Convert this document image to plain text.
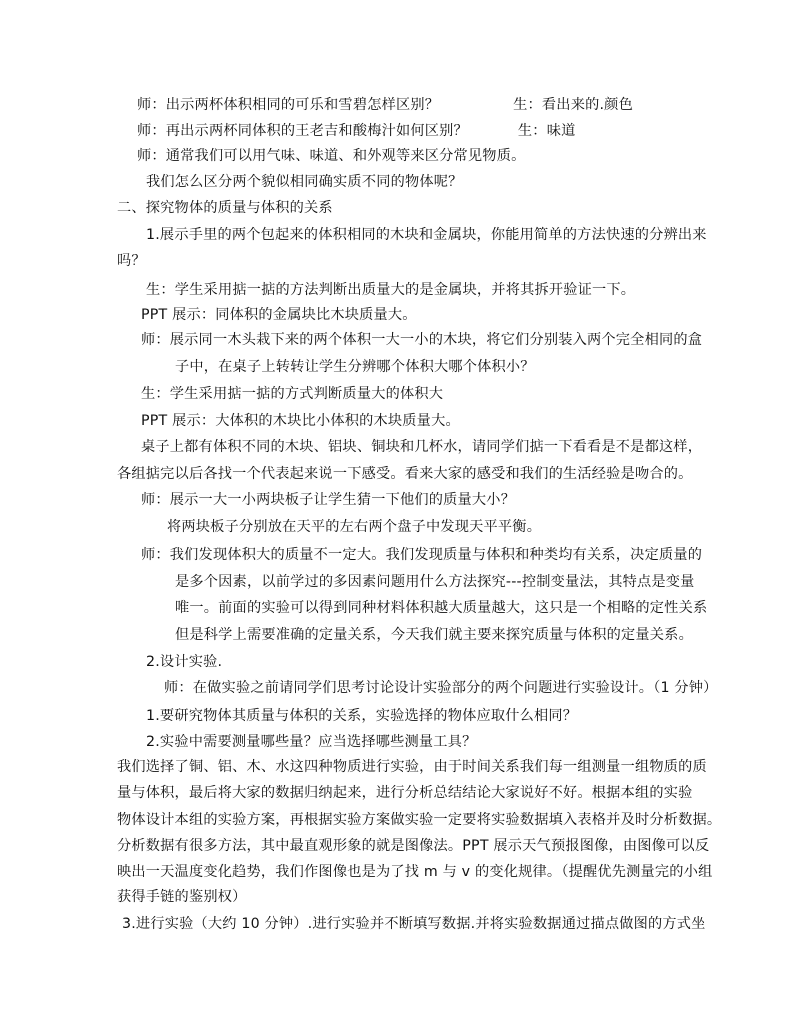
师：出示两杯体积相同的可乐和雪碧怎样区别？	生：看出来的.颜色
师：再出示两杯同体积的王老吉和酸梅汁如何区别？	生：味道
师：通常我们可以用气味、味道、和外观等来区分常见物质。
我们怎么区分两个貌似相同确实质不同的物体呢？
二、探究物体的质量与体积的关系
1.展示手里的两个包起来的体积相同的木块和金属块，你能用简单的方法快速的分辨出来
吗？
生：学生采用掂一掂的方法判断出质量大的是金属块，并将其拆开验证一下。
PPT 展示：同体积的金属块比木块质量大。
师：展示同一木头栽下来的两个体积一大一小的木块，将它们分别装入两个完全相同的盒
子中，在桌子上转转让学生分辨哪个体积大哪个体积小？
生：学生采用掂一掂的方式判断质量大的体积大
PPT 展示：大体积的木块比小体积的木块质量大。
桌子上都有体积不同的木块、铝块、铜块和几杯水，请同学们掂一下看看是不是都这样，
各组掂完以后各找一个代表起来说一下感受。看来大家的感受和我们的生活经验是吻合的。
师：展示一大一小两块板子让学生猜一下他们的质量大小？
将两块板子分别放在天平的左右两个盘子中发现天平平衡。
师：我们发现体积大的质量不一定大。我们发现质量与体积和种类均有关系，决定质量的
是多个因素，以前学过的多因素问题用什么方法探究---控制变量法，其特点是变量
唯一。前面的实验可以得到同种材料体积越大质量越大，这只是一个相略的定性关系
但是科学上需要准确的定量关系，今天我们就主要来探究质量与体积的定量关系。
2.设计实验.
师：在做实验之前请同学们思考讨论设计实验部分的两个问题进行实验设计。（1 分钟）
1.要研究物体其质量与体积的关系，实验选择的物体应取什么相同？
2.实验中需要测量哪些量？应当选择哪些测量工具？
我们选择了铜、铝、木、水这四种物质进行实验，由于时间关系我们每一组测量一组物质的质
量与体积，最后将大家的数据归纳起来，进行分析总结结论大家说好不好。根据本组的实验
物体设计本组的实验方案，再根据实验方案做实验一定要将实验数据填入表格并及时分析数据。
分析数据有很多方法，其中最直观形象的就是图像法。PPT 展示天气预报图像，由图像可以反
映出一天温度变化趋势，我们作图像也是为了找 m 与 v 的变化规律。（提醒优先测量完的小组
获得手链的鉴别权）
3.进行实验（大约 10 分钟）.进行实验并不断填写数据.并将实验数据通过描点做图的方式坐
